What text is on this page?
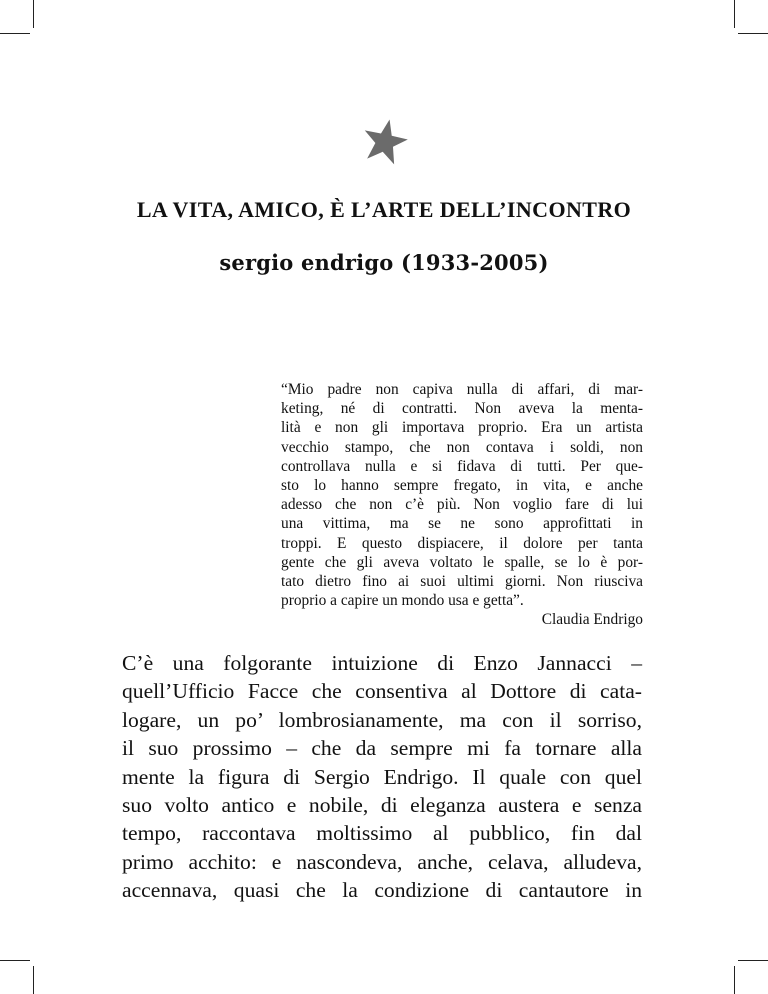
LA VITA, AMICO, È L’ARTE DELL’INCONTRO
sergio endrigo (1933-2005)
“Mio padre non capiva nulla di affari, di mar-
keting, né di contratti. Non aveva la menta-
lità e non gli importava proprio. Era un artista
vecchio stampo, che non contava i soldi, non
controllava nulla e si fidava di tutti. Per que-
sto lo hanno sempre fregato, in vita, e anche
adesso che non c’è più. Non voglio fare di lui
una vittima, ma se ne sono approfittati in
troppi. E questo dispiacere, il dolore per tanta
gente che gli aveva voltato le spalle, se lo è por-
tato dietro fino ai suoi ultimi giorni. Non riusciva
proprio a capire un mondo usa e getta”.
Claudia Endrigo
C’è una folgorante intuizione di Enzo Jannacci –
quell’Ufficio Facce che consentiva al Dottore di cata-
logare, un po’ lombrosianamente, ma con il sorriso,
il suo prossimo – che da sempre mi fa tornare alla
mente la figura di Sergio Endrigo. Il quale con quel
suo volto antico e nobile, di eleganza austera e senza
tempo, raccontava moltissimo al pubblico, fin dal
primo acchito: e nascondeva, anche, celava, alludeva,
accennava, quasi che la condizione di cantautore in
